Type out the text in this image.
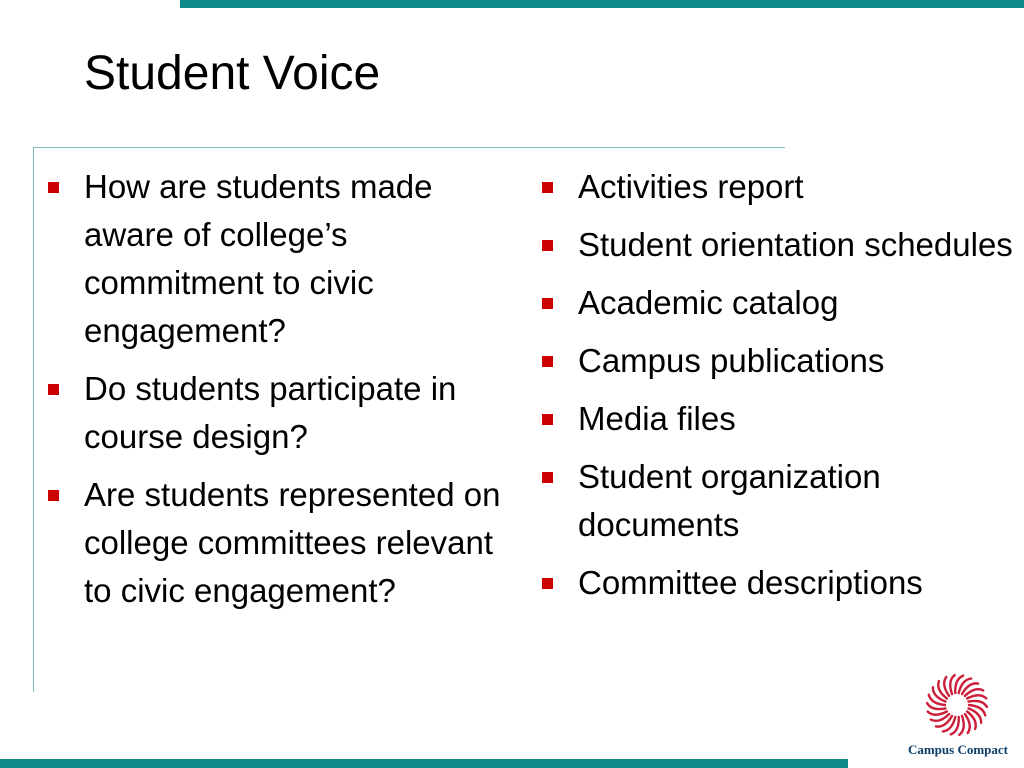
Student Voice
How are students made aware of college’s commitment to civic engagement?
Do students participate in course design?
Are students represented on college committees relevant to civic engagement?
Activities report
Student orientation schedules
Academic catalog
Campus publications
Media files
Student organization documents
Committee descriptions
Campus Compact
